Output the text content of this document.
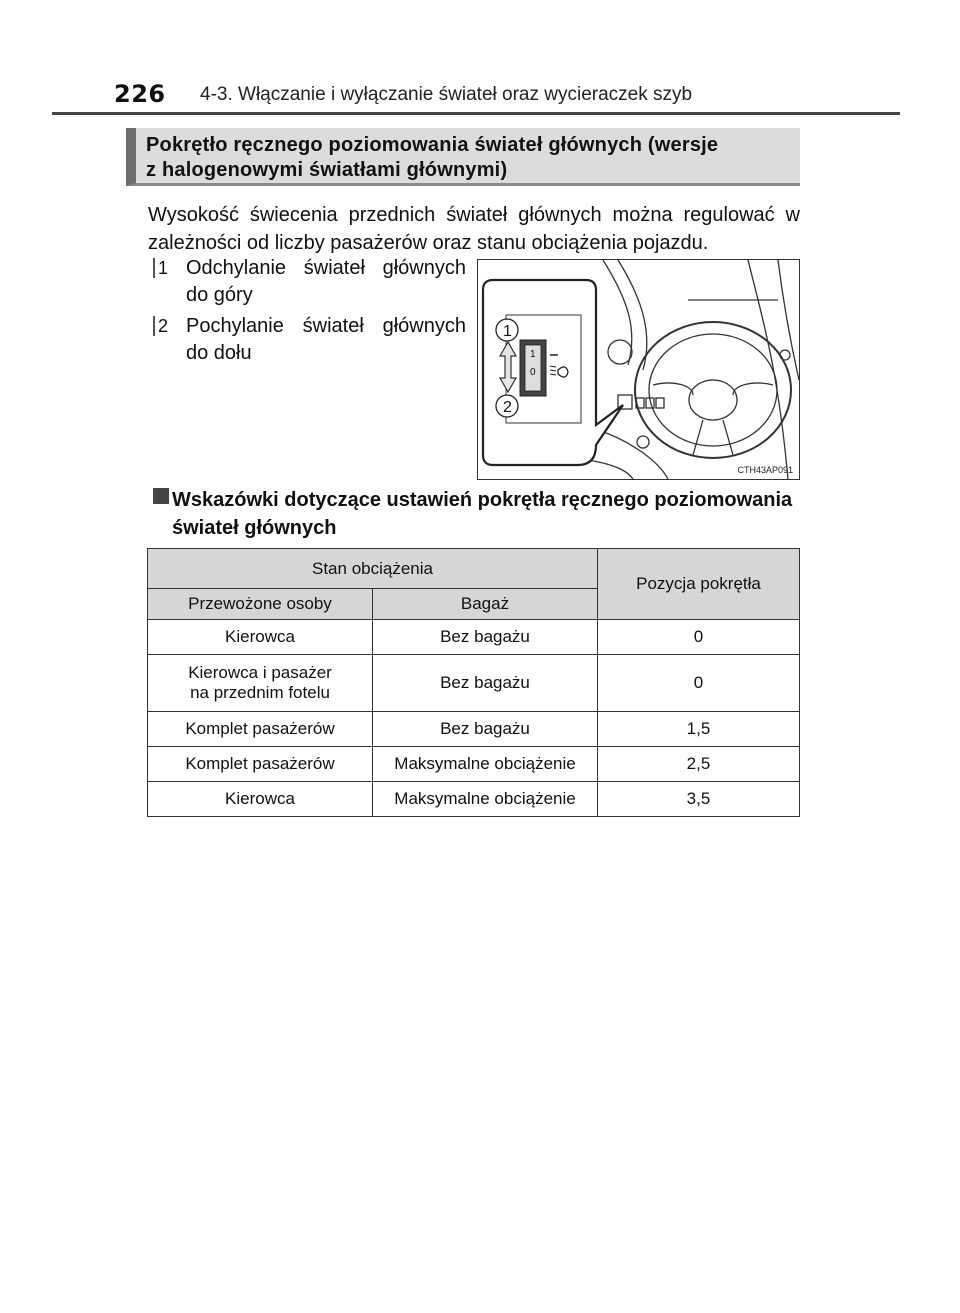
226 4-3. Włączanie i wyłączanie świateł oraz wycieraczek szyb
Pokrętło ręcznego poziomowania świateł głównych (wersje
z halogenowymi światłami głównymi)
Wysokość świecenia przednich świateł głównych można regulować w zależności od liczby pasażerów oraz stanu obciążenia pojazdu.
1 Odchylanie świateł głównych do góry
2 Pochylanie świateł głównych do dołu	1
0
1
2
CTH43AP091
Wskazówki dotyczące ustawień pokrętła ręcznego poziomowania świateł głównych
Stan obciążenia		Pozycja pokrętła
Przewożone osoby	Bagaż	
Kierowca	Bez bagażu	0
Kierowca i pasażer
na przednim fotelu	Bez bagażu	0
Komplet pasażerów	Bez bagażu	1,5
Komplet pasażerów	Maksymalne obciążenie	2,5
Kierowca	Maksymalne obciążenie	3,5
